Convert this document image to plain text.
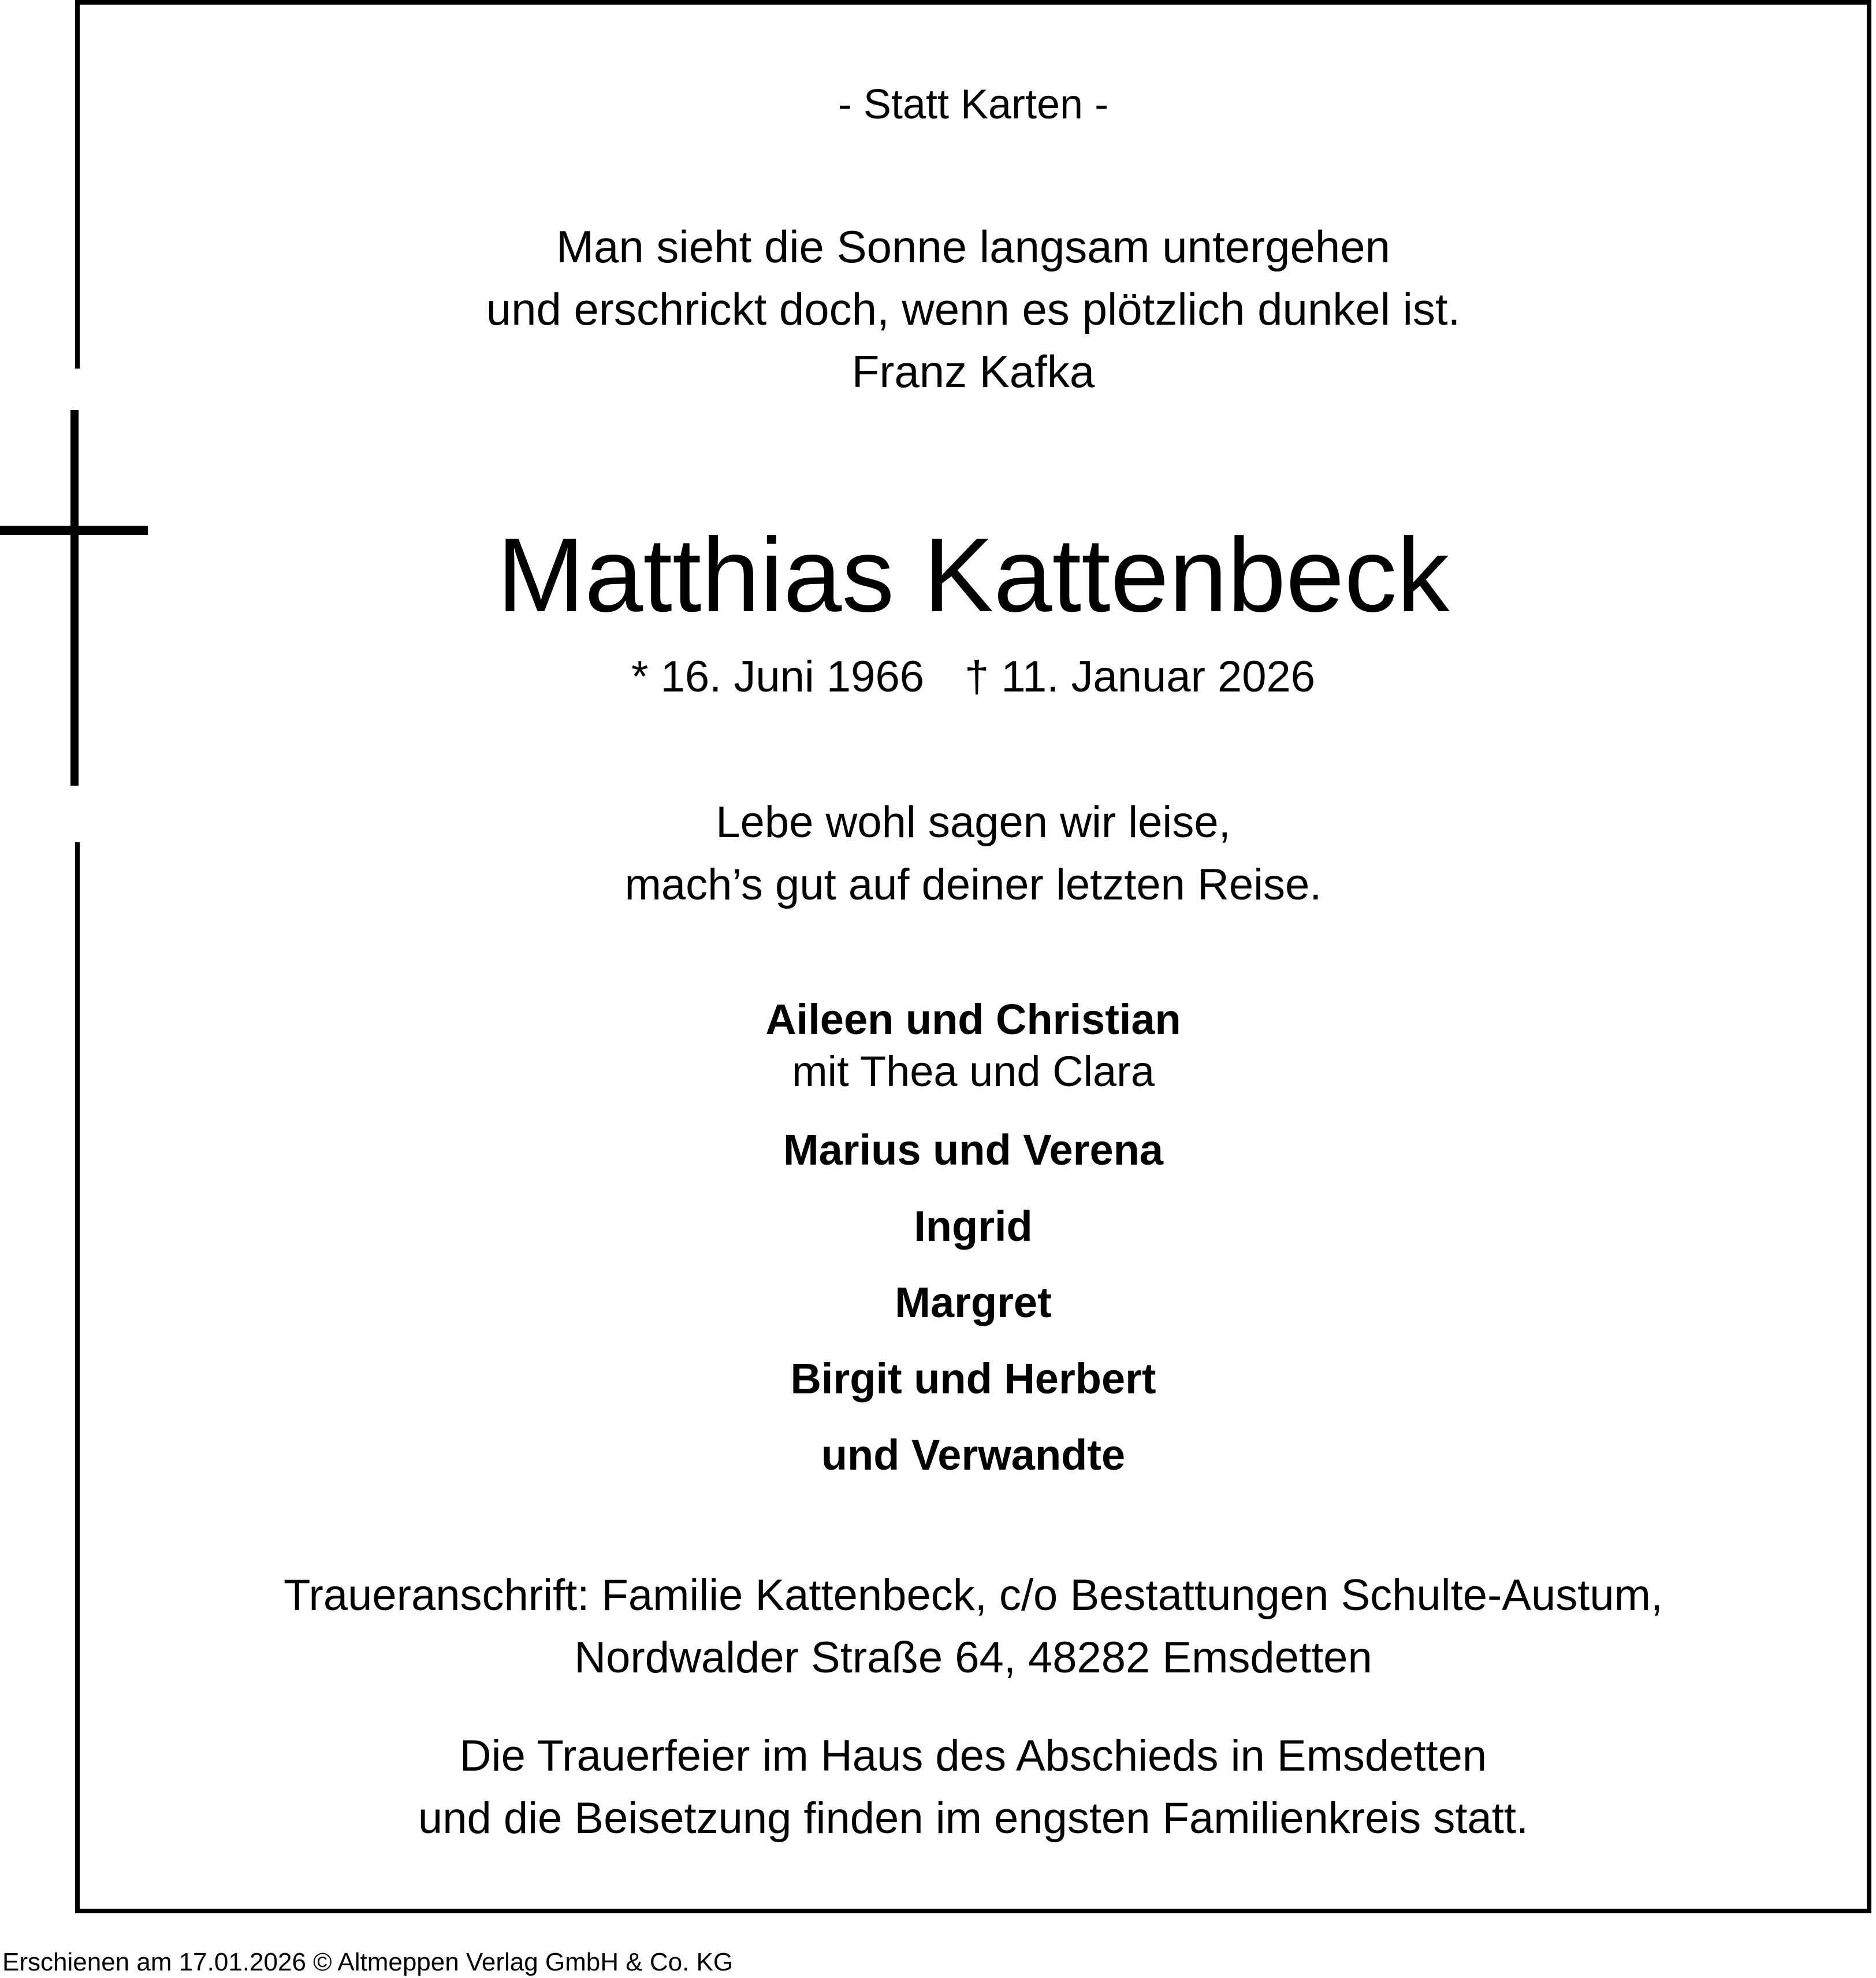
- Statt Karten -
Man sieht die Sonne langsam untergehen
und erschrickt doch, wenn es plötzlich dunkel ist.
Franz Kafka
Matthias Kattenbeck
* 16. Juni 1966 † 11. Januar 2026
Lebe wohl sagen wir leise,
mach’s gut auf deiner letzten Reise.
Aileen und Christian
mit Thea und Clara
Marius und Verena
Ingrid
Margret
Birgit und Herbert
und Verwandte
Traueranschrift: Familie Kattenbeck, c/o Bestattungen Schulte-Austum,
Nordwalder Straße 64, 48282 Emsdetten
Die Trauerfeier im Haus des Abschieds in Emsdetten
und die Beisetzung finden im engsten Familienkreis statt.
Erschienen am 17.01.2026 © Altmeppen Verlag GmbH & Co. KG
